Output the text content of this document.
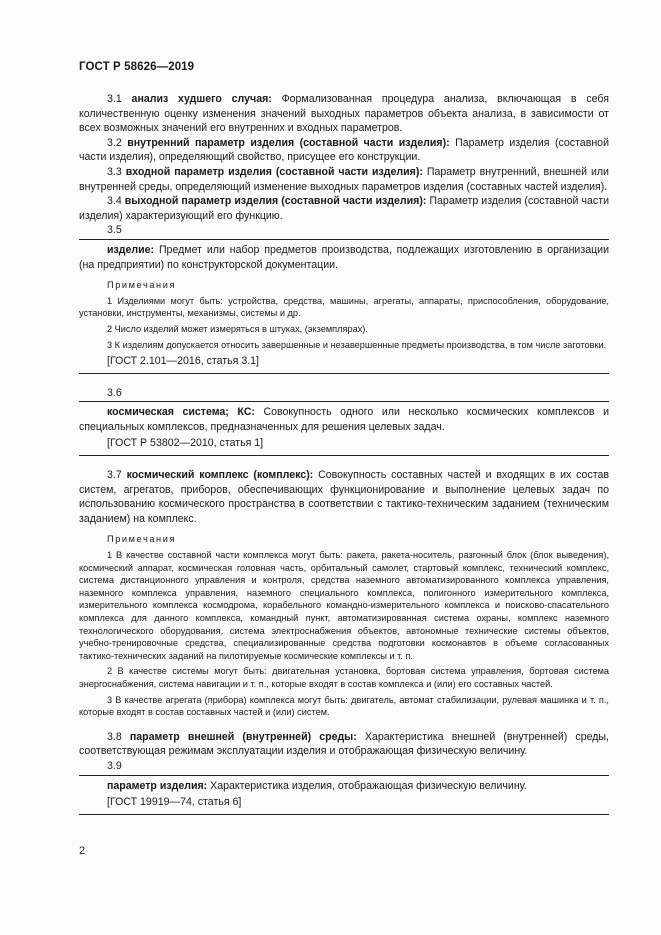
ГОСТ Р 58626—2019

3.1 анализ худшего случая: Формализованная процедура анализа, включающая в себя количественную оценку изменения значений выходных параметров объекта анализа, в зависимости от всех возможных значений его внутренних и входных параметров.

3.2 внутренний параметр изделия (составной части изделия): Параметр изделия (составной части изделия), определяющий свойство, присущее его конструкции.

3.3 входной параметр изделия (составной части изделия): Параметр внутренний, внешней или внутренней среды, определяющий изменение выходных параметров изделия (составных частей изделия).

3.4 выходной параметр изделия (составной части изделия): Параметр изделия (составной части изделия) характеризующий его функцию.

3.5

изделие: Предмет или набор предметов производства, подлежащих изготовлению в организации (на предприятии) по конструкторской документации.

Примечания

1 Изделиями могут быть: устройства, средства, машины, агрегаты, аппараты, приспособления, оборудование, установки, инструменты, механизмы, системы и др.

2 Число изделий может измеряться в штуках, (экземплярах).

3 К изделиям допускается относить завершенные и незавершенные предметы производства, в том числе заготовки.

[ГОСТ 2.101—2016, статья 3.1]

3.6

космическая система; КС: Совокупность одного или несколько космических комплексов и специальных комплексов, предназначенных для решения целевых задач.

[ГОСТ Р 53802—2010, статья 1]

3.7 космический комплекс (комплекс): Совокупность составных частей и входящих в их состав систем, агрегатов, приборов, обеспечивающих функционирование и выполнение целевых задач по использованию космического пространства в соответствии с тактико-техническим заданием (техническим заданием) на комплекс.

Примечания

1 В качестве составной части комплекса могут быть: ракета, ракета-носитель, разгонный блок (блок выведения), космический аппарат, космическая головная часть, орбитальный самолет, стартовый комплекс, технический комплекс, система дистанционного управления и контроля, средства наземного автоматизированного комплекса управления, наземного комплекса управления, наземного специального комплекса, полигонного измерительного комплекса, измерительного комплекса космодрома, корабельного командно-измерительного комплекса и поисково-спасательного комплекса для данного комплекса, командный пункт, автоматизированная система охраны, комплекс наземного технологического оборудования, система электроснабжения объектов, автономные технические системы объектов, учебно-тренировочные средства, специализированные средства подготовки космонавтов в объеме согласованных тактико-технических заданий на пилотируемые космические комплексы и т. п.

2 В качестве системы могут быть: двигательная установка, бортовая система управления, бортовая система энергоснабжения, система навигации и т. п., которые входят в состав комплекса и (или) его составных частей.

3 В качестве агрегата (прибора) комплекса могут быть: двигатель, автомат стабилизации, рулевая машинка и т. п., которые входят в состав составных частей и (или) систем.

3.8 параметр внешней (внутренней) среды: Характеристика внешней (внутренней) среды, соответствующая режимам эксплуатации изделия и отображающая физическую величину.

3.9

параметр изделия: Характеристика изделия, отображающая физическую величину.

[ГОСТ 19919—74, статья 6]

2
